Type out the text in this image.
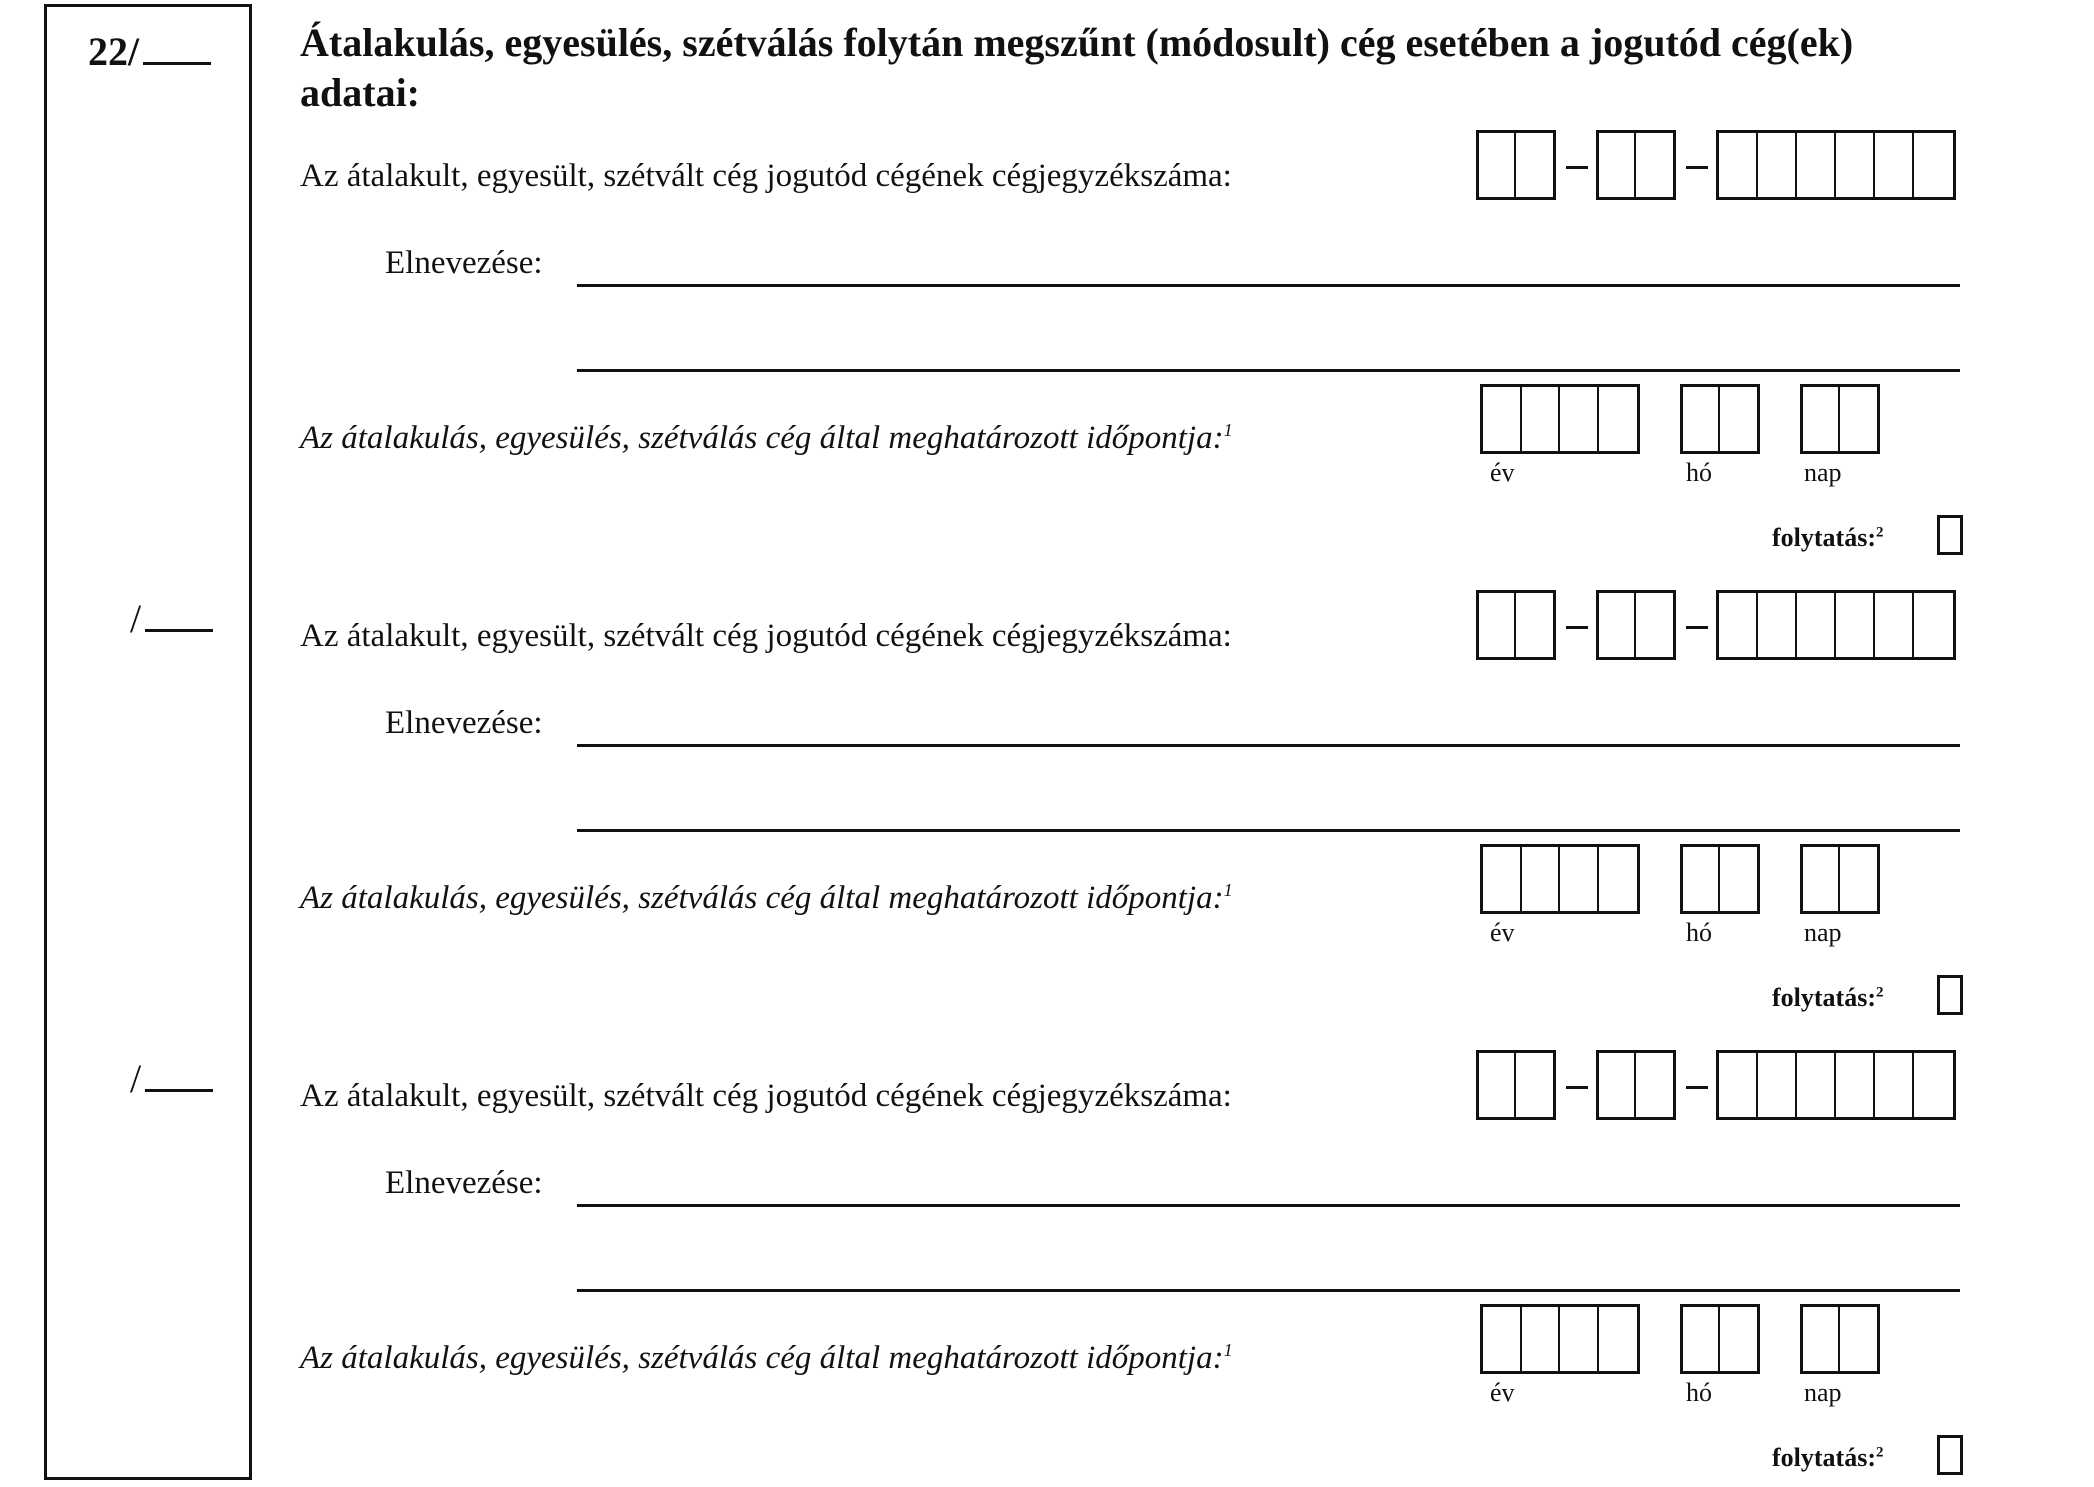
22/	Átalakulás, egyesülés, szétválás folytán megszűnt (módosult) cég esetében a jogutód cég(ek) adatai:
Az átalakult, egyesült, szétvált cég jogutód cégének cégjegyzékszáma:
Elnevezése:
Az átalakulás, egyesülés, szétválás cég által meghatározott időpontja:$^1$
év	hó	nap
folytatás:$^2$
/	Az átalakult, egyesült, szétvált cég jogutód cégének cégjegyzékszáma:
Elnevezése:
Az átalakulás, egyesülés, szétválás cég által meghatározott időpontja:$^1$
év	hó	nap
folytatás:$^2$
/	Az átalakult, egyesült, szétvált cég jogutód cégének cégjegyzékszáma:
Elnevezése:
Az átalakulás, egyesülés, szétválás cég által meghatározott időpontja:$^1$
év	hó	nap
folytatás:$^2$
